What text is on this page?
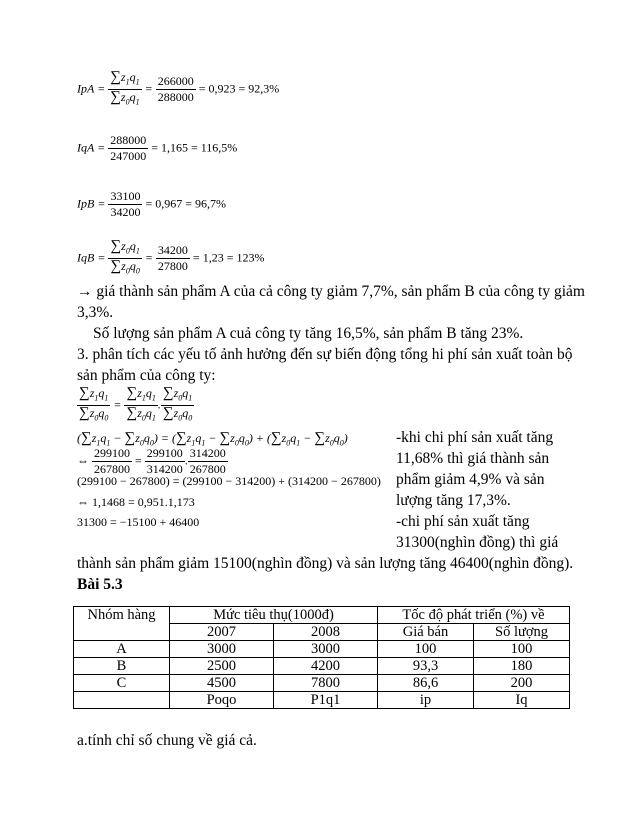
IpA = $\frac{\sum z_1q_1}{\sum z_0q_1} = \frac{266000}{288000} = 0,923 = 92,3\%$
IqA = $\frac{288000}{247000} = 1,165 = 116,5\%$
IpB = $\frac{33100}{34200} = 0,967 = 96,7\%$
IqB = $\frac{\sum z_0q_1}{\sum z_0q_0} = \frac{34200}{27800} = 1,23 = 123\%$
→ giá thành sản phẩm A của cả công ty giảm 7,7%, sản phẩm B của công ty giảm
3,3%.
Số lượng sản phẩm A cuả công ty tăng 16,5%, sản phẩm B tăng 23%.
3. phân tích các yếu tố ảnh hưởng đến sự biến động tổng hi phí sản xuất toàn bộ
sản phẩm của công ty:
$\frac{\sum z_1q_1}{\sum z_0q_0} = \frac{\sum z_1q_1}{\sum z_0q_1}$ . $\frac{\sum z_0q_1}{\sum z_0q_0}$
$(\sum z_1q_1 - \sum z_0q_0) = (\sum z_1q_1 - \sum z_0q_0) + (\sum z_0q_1 - \sum z_0q_0)$
⇔ $\frac{299100}{267800} = \frac{299100}{314200}$ . $\frac{314200}{267800}$
(299100 − 267800) = (299100 − 314200) + (314200 − 267800)
⇔ 1,1468 = 0,951.1,173
31300 = −15100 + 46400
-khi chi phí sản xuất tăng
11,68% thì giá thành sản
phẩm giảm 4,9% và sản
lượng tăng 17,3%.
-chi phí sản xuất tăng
31300(nghìn đồng) thì giá
thành sản phẩm giảm 15100(nghìn đồng) và sản lượng tăng 46400(nghìn đồng).
Bài 5.3
Nhóm hàng	Mức tiêu thụ(1000đ)		Tốc độ phát triển (%) về	
	2007	2008	Giá bán	Số lượng
A	3000	3000	100	100
B	2500	4200	93,3	180
C	4500	7800	86,6	200
	Poqo	P1q1	ip	Iq
a.tính chỉ số chung về giá cả.
